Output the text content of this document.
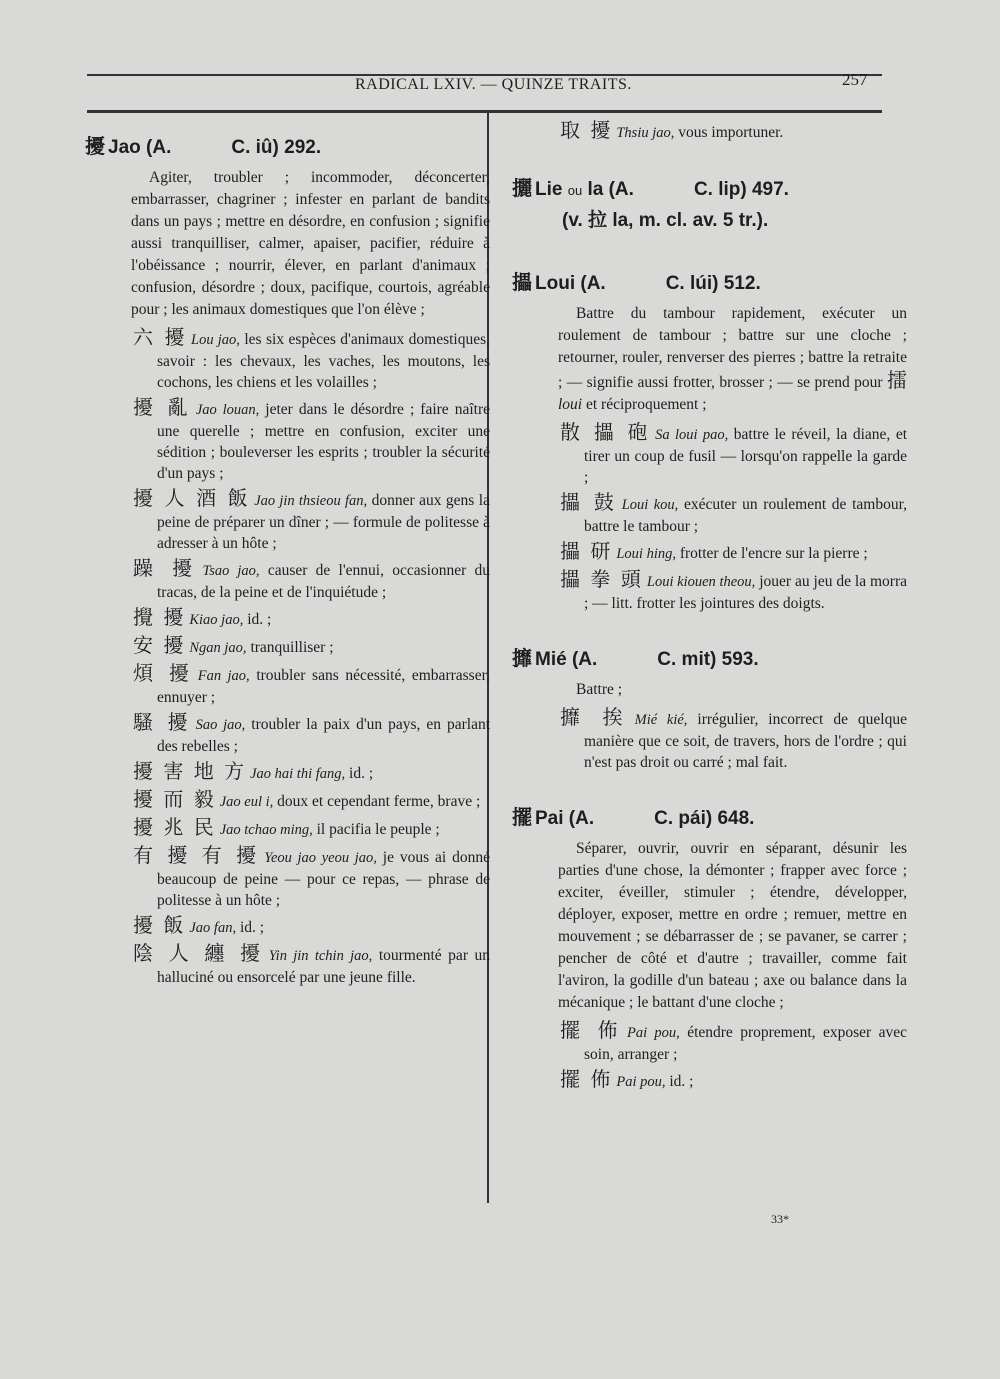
RADICAL LXIV. — QUINZE TRAITS.	257
擾 Jao (A.	C. iû) 292.

Agiter, troubler ; incommoder, déconcerter, embarrasser, chagriner ; infester en parlant de bandits dans un pays ; mettre en désordre, en confusion ; signifie aussi tranquilliser, calmer, apaiser, pacifier, réduire à l'obéissance ; nourrir, élever, en parlant d'animaux ; confusion, désordre ; doux, pacifique, courtois, agréable pour ; les animaux domestiques que l'on élève ;

六 擾 Lou jao, les six espèces d'animaux domestiques, savoir : les chevaux, les vaches, les moutons, les cochons, les chiens et les volailles ;

擾 亂 Jao louan, jeter dans le désordre ; faire naître une querelle ; mettre en confusion, exciter une sédition ; bouleverser les esprits ; troubler la sécurité d'un pays ;

擾 人 酒 飯 Jao jin thsieou fan, donner aux gens la peine de préparer un dîner ; — formule de politesse à adresser à un hôte ;

躁 擾 Tsao jao, causer de l'ennui, occasionner du tracas, de la peine et de l'inquiétude ;

攪 擾 Kiao jao, id. ;

安 擾 Ngan jao, tranquilliser ;

煩 擾 Fan jao, troubler sans nécessité, embarrasser, ennuyer ;

騷 擾 Sao jao, troubler la paix d'un pays, en parlant des rebelles ;

擾 害 地 方 Jao hai thi fang, id. ;

擾 而 毅 Jao eul i, doux et cependant ferme, brave ;

擾 兆 民 Jao tchao ming, il pacifia le peuple ;

有 擾 有 擾 Yeou jao yeou jao, je vous ai donné beaucoup de peine — pour ce repas, — phrase de politesse à un hôte ;

擾 飯 Jao fan, id. ;

陰 人 纏 擾 Yin jin tchin jao, tourmenté par un halluciné ou ensorcelé par une jeune fille.

取 擾 Thsiu jao, vous importuner.

攦 Lie ou la (A.	C. lip) 497.
(v. 拉 la, m. cl. av. 5 tr.).
攂 Loui (A.	C. lúi) 512.

Battre du tambour rapidement, exécuter un roulement de tambour ; battre sur une cloche ; retourner, rouler, renverser des pierres ; battre la retraite ; — signifie aussi frotter, brosser ; — se prend pour 擂 loui et réciproquement ;

散 攂 砲 Sa loui pao, battre le réveil, la diane, et tirer un coup de fusil — lorsqu'on rappelle la garde ;

攂 鼓 Loui kou, exécuter un roulement de tambour, battre le tambour ;

攂 研 Loui hing, frotter de l'encre sur la pierre ;

攂 拳 頭 Loui kiouen theou, jouer au jeu de la morra ; — litt. frotter les jointures des doigts.

攠 Mié (A.	C. mit) 593.

Battre ;

攠 挨 Mié kié, irrégulier, incorrect de quelque manière que ce soit, de travers, hors de l'ordre ; qui n'est pas droit ou carré ; mal fait.

擺 Pai (A.	C. pái) 648.

Séparer, ouvrir, ouvrir en séparant, désunir les parties d'une chose, la démonter ; frapper avec force ; exciter, éveiller, stimuler ; étendre, développer, déployer, exposer, mettre en ordre ; remuer, mettre en mouvement ; se débarrasser de ; se pavaner, se carrer ; pencher de côté et d'autre ; travailler, comme fait l'aviron, la godille d'un bateau ; axe ou balance dans la mécanique ; le battant d'une cloche ;

擺 佈 Pai pou, étendre proprement, exposer avec soin, arranger ;

擺 佈 Pai pou, id. ;

33*
